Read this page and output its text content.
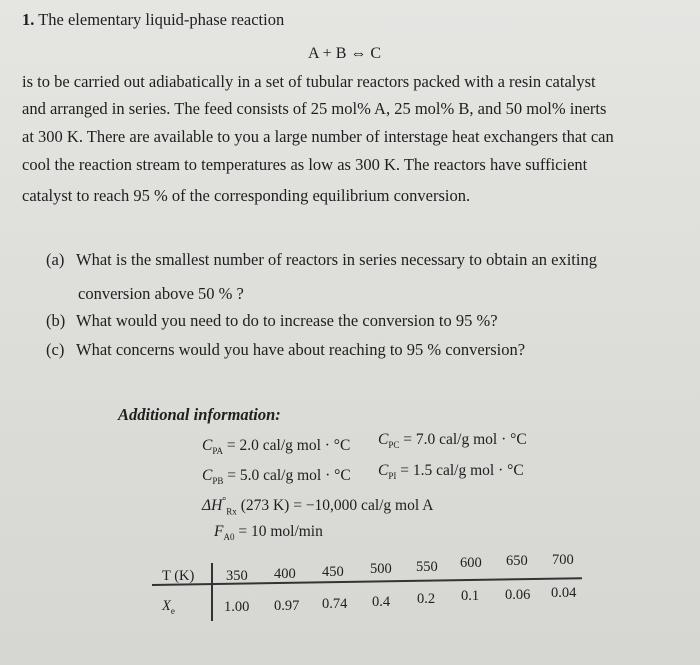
1. The elementary liquid-phase reaction
A + B ⇔ C
is to be carried out adiabatically in a set of tubular reactors packed with a resin catalyst
and arranged in series. The feed consists of 25 mol% A, 25 mol% B, and 50 mol% inerts
at 300 K. There are available to you a large number of interstage heat exchangers that can
cool the reaction stream to temperatures as low as 300 K. The reactors have sufficient
catalyst to reach 95 % of the corresponding equilibrium conversion.
(a) What is the smallest number of reactors in series necessary to obtain an exiting
conversion above 50 % ?
(b) What would you need to do to increase the conversion to 95 %?
(c) What concerns would you have about reaching to 95 % conversion?
Additional information:
$C_{PA} = 2.0$ cal/g mol · °C $C_{PC} = 7.0$ cal/g mol · °C
$C_{PB} = 5.0$ cal/g mol · °C $C_{PI} = 1.5$ cal/g mol · °C
$\Delta H^\circ_{Rx}$ (273 K) = −10,000 cal/g mol A
$F_{A0} = 10$ mol/min
T (K)
$X_e$
350 400 450 500 550 600 650 700
1.00 0.97 0.74 0.4 0.2 0.1 0.06 0.04
